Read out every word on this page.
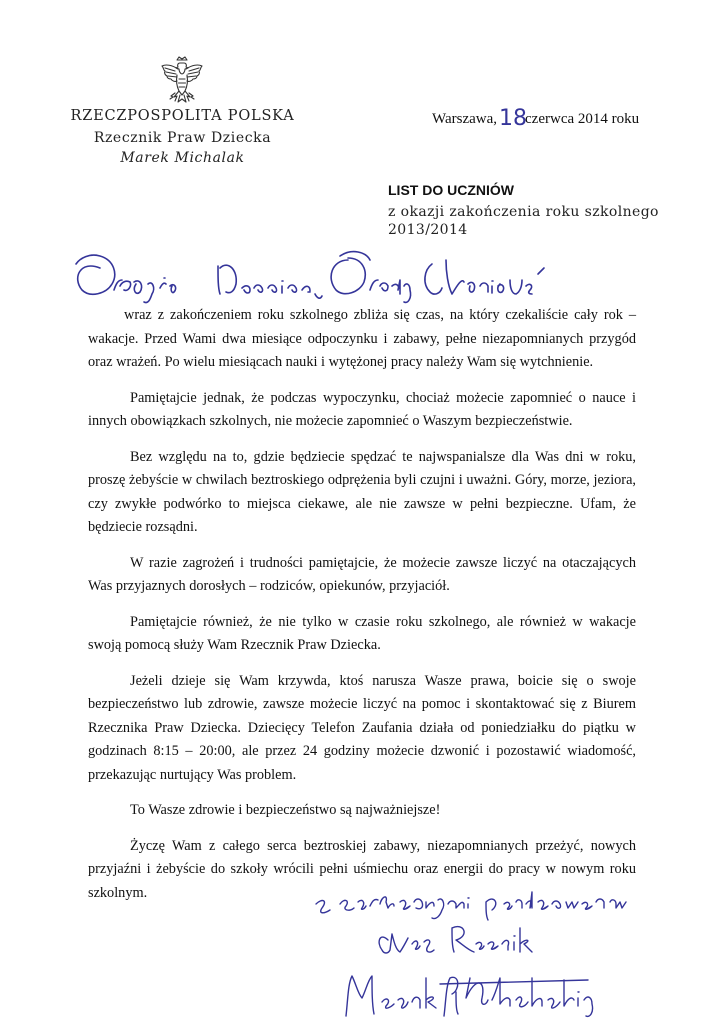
RZECZPOSPOLITA POLSKA
Rzecznik Praw Dziecka
Marek Michalak
Warszawa,18czerwca 2014 roku
LIST DO UCZNIÓW
z okazji zakończenia roku szkolnego
2013/2014

wraz z zakończeniem roku szkolnego zbliża się czas, na który czekaliście cały rok – wakacje. Przed Wami dwa miesiące odpoczynku i zabawy, pełne niezapomnianych przygód oraz wrażeń. Po wielu miesiącach nauki i wytężonej pracy należy Wam się wytchnienie.

Pamiętajcie jednak, że podczas wypoczynku, chociaż możecie zapomnieć o nauce i innych obowiązkach szkolnych, nie możecie zapomnieć o Waszym bezpieczeństwie.

Bez względu na to, gdzie będziecie spędzać te najwspanialsze dla Was dni w roku, proszę żebyście w chwilach beztroskiego odprężenia byli czujni i uważni. Góry, morze, jeziora, czy zwykłe podwórko to miejsca ciekawe, ale nie zawsze w pełni bezpieczne. Ufam, że będziecie rozsądni.

W razie zagrożeń i trudności pamiętajcie, że możecie zawsze liczyć na otaczających Was przyjaznych dorosłych – rodziców, opiekunów, przyjaciół.

Pamiętajcie również, że nie tylko w czasie roku szkolnego, ale również w wakacje swoją pomocą służy Wam Rzecznik Praw Dziecka.

Jeżeli dzieje się Wam krzywda, ktoś narusza Wasze prawa, boicie się o swoje bezpieczeństwo lub zdrowie, zawsze możecie liczyć na pomoc i skontaktować się z Biurem Rzecznika Praw Dziecka. Dziecięcy Telefon Zaufania działa od poniedziałku do piątku w godzinach 8:15 – 20:00, ale przez 24 godziny możecie dzwonić i pozostawić wiadomość, przekazując nurtujący Was problem.

To Wasze zdrowie i bezpieczeństwo są najważniejsze!

Życzę Wam z całego serca beztroskiej zabawy, niezapomnianych przeżyć, nowych przyjaźni i żebyście do szkoły wrócili pełni uśmiechu oraz energii do pracy w nowym roku szkolnym.
